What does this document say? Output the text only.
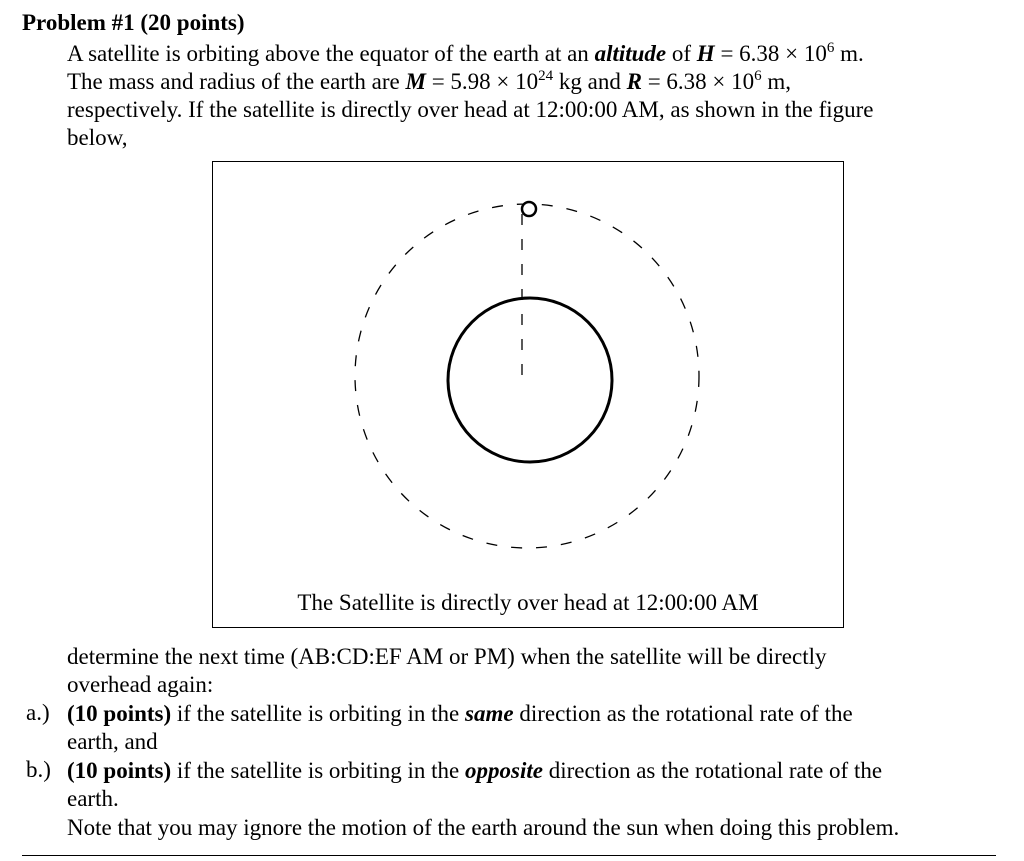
Problem #1 (20 points)
A satellite is orbiting above the equator of the earth at an altitude of $H = 6.38 \times 10^6$ m.
The mass and radius of the earth are $M = 5.98 \times 10^{24}$ kg and $R = 6.38 \times 10^6$ m,
respectively. If the satellite is directly over head at 12:00:00 AM, as shown in the figure
below,
The Satellite is directly over head at 12:00:00 AM
determine the next time (AB:CD:EF AM or PM) when the satellite will be directly
overhead again:
a.) (10 points) if the satellite is orbiting in the same direction as the rotational rate of the
earth, and
b.) (10 points) if the satellite is orbiting in the opposite direction as the rotational rate of the
earth.
Note that you may ignore the motion of the earth around the sun when doing this problem.
